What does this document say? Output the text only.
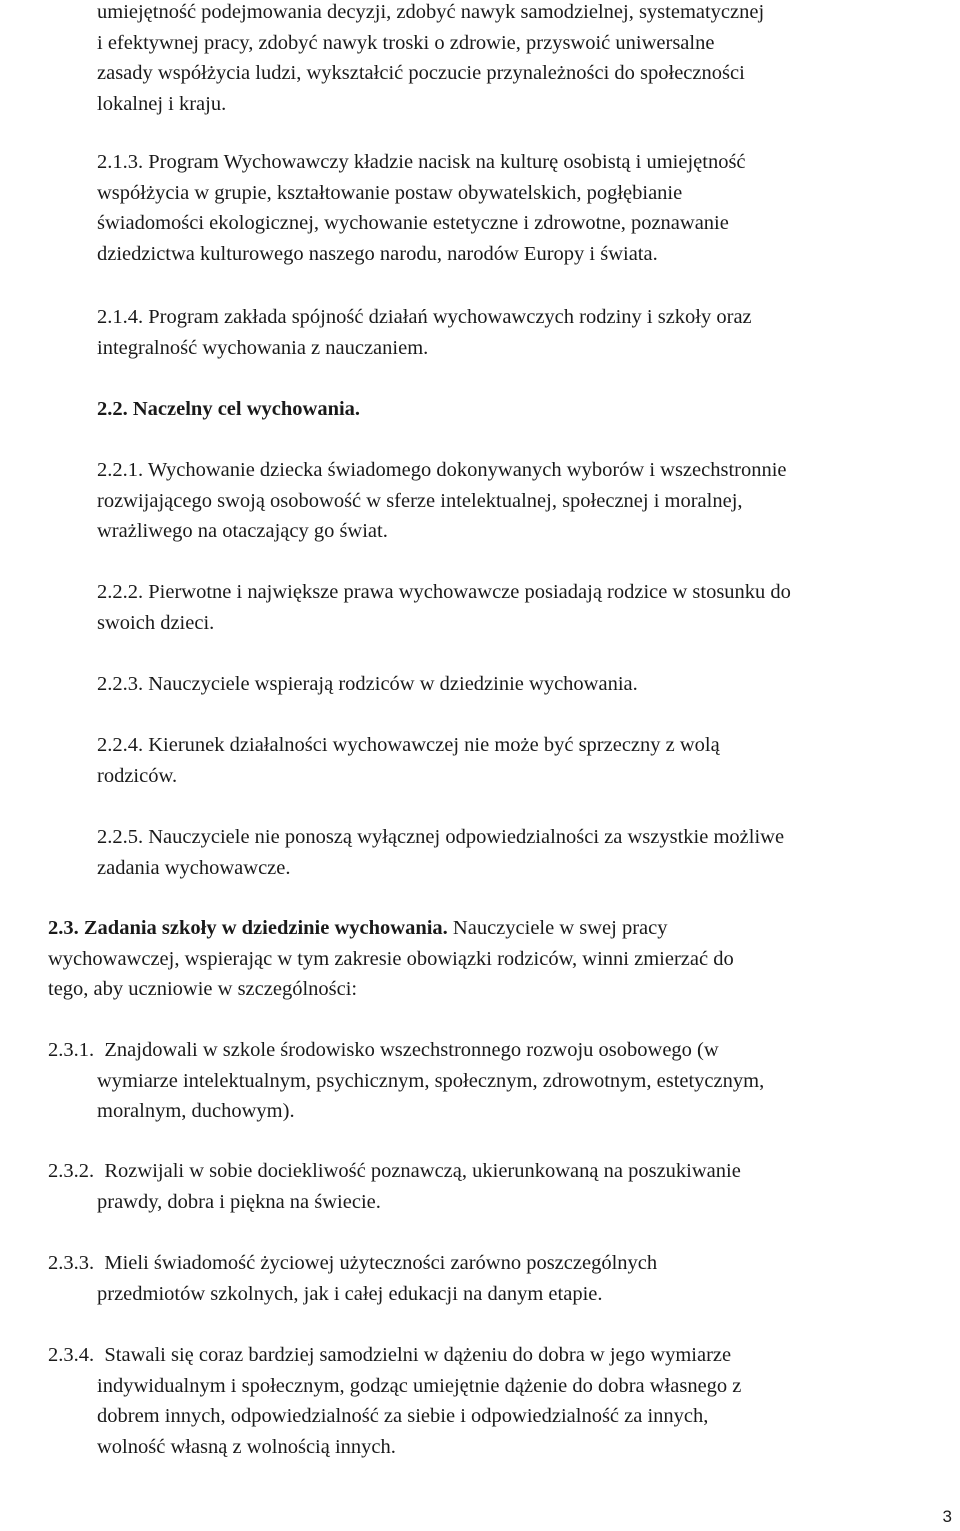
umiejętność podejmowania decyzji, zdobyć nawyk samodzielnej, systematycznej
i efektywnej pracy, zdobyć nawyk troski o zdrowie, przyswoić uniwersalne
zasady współżycia ludzi, wykształcić poczucie przynależności do społeczności
lokalnej i kraju.
2.1.3. Program Wychowawczy kładzie nacisk na kulturę osobistą i umiejętność
współżycia w grupie, kształtowanie postaw obywatelskich, pogłębianie
świadomości ekologicznej, wychowanie estetyczne i zdrowotne, poznawanie
dziedzictwa kulturowego naszego narodu, narodów Europy i świata.
2.1.4. Program zakłada spójność działań wychowawczych rodziny i szkoły oraz
integralność wychowania z nauczaniem.
2.2. Naczelny cel wychowania.
2.2.1. Wychowanie dziecka świadomego dokonywanych wyborów i wszechstronnie
rozwijającego swoją osobowość w sferze intelektualnej, społecznej i moralnej,
wrażliwego na otaczający go świat.
2.2.2. Pierwotne i największe prawa wychowawcze posiadają rodzice w stosunku do
swoich dzieci.
2.2.3. Nauczyciele wspierają rodziców w dziedzinie wychowania.
2.2.4. Kierunek działalności wychowawczej nie może być sprzeczny z wolą
rodziców.
2.2.5. Nauczyciele nie ponoszą wyłącznej odpowiedzialności za wszystkie możliwe
zadania wychowawcze.
2.3. Zadania szkoły w dziedzinie wychowania. Nauczyciele w swej pracy
wychowawczej, wspierając w tym zakresie obowiązki rodziców, winni zmierzać do
tego, aby uczniowie w szczególności:
2.3.1. Znajdowali w szkole środowisko wszechstronnego rozwoju osobowego (w
wymiarze intelektualnym, psychicznym, społecznym, zdrowotnym, estetycznym,
moralnym, duchowym).
2.3.2. Rozwijali w sobie dociekliwość poznawczą, ukierunkowaną na poszukiwanie
prawdy, dobra i piękna na świecie.
2.3.3. Mieli świadomość życiowej użyteczności zarówno poszczególnych
przedmiotów szkolnych, jak i całej edukacji na danym etapie.
2.3.4. Stawali się coraz bardziej samodzielni w dążeniu do dobra w jego wymiarze
indywidualnym i społecznym, godząc umiejętnie dążenie do dobra własnego z
dobrem innych, odpowiedzialność za siebie i odpowiedzialność za innych,
wolność własną z wolnością innych.
3
